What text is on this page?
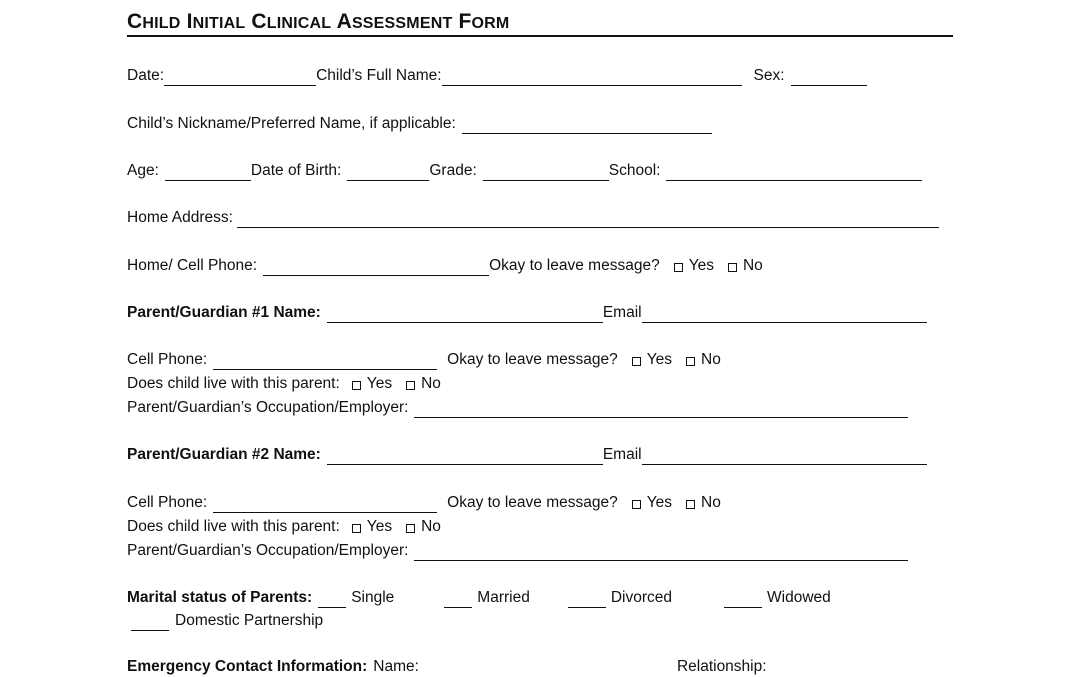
CHILD INITIAL CLINICAL ASSESSMENT FORM
Date:	Child’s Full Name:	Sex:
Child’s Nickname/Preferred Name, if applicable:
Age:	Date of Birth:	Grade:	School:
Home Address:
Home/ Cell Phone:	Okay to leave message? Yes No
Parent/Guardian #1 Name:	Email
Cell Phone:	Okay to leave message? Yes No
Does child live with this parent: Yes No
Parent/Guardian’s Occupation/Employer:
Parent/Guardian #2 Name:	Email
Cell Phone:	Okay to leave message? Yes No
Does child live with this parent: Yes No
Parent/Guardian’s Occupation/Employer:
Marital status of Parents:	Single	Married	Divorced	Widowed
Domestic Partnership
Emergency Contact Information: Name:	Relationship:
